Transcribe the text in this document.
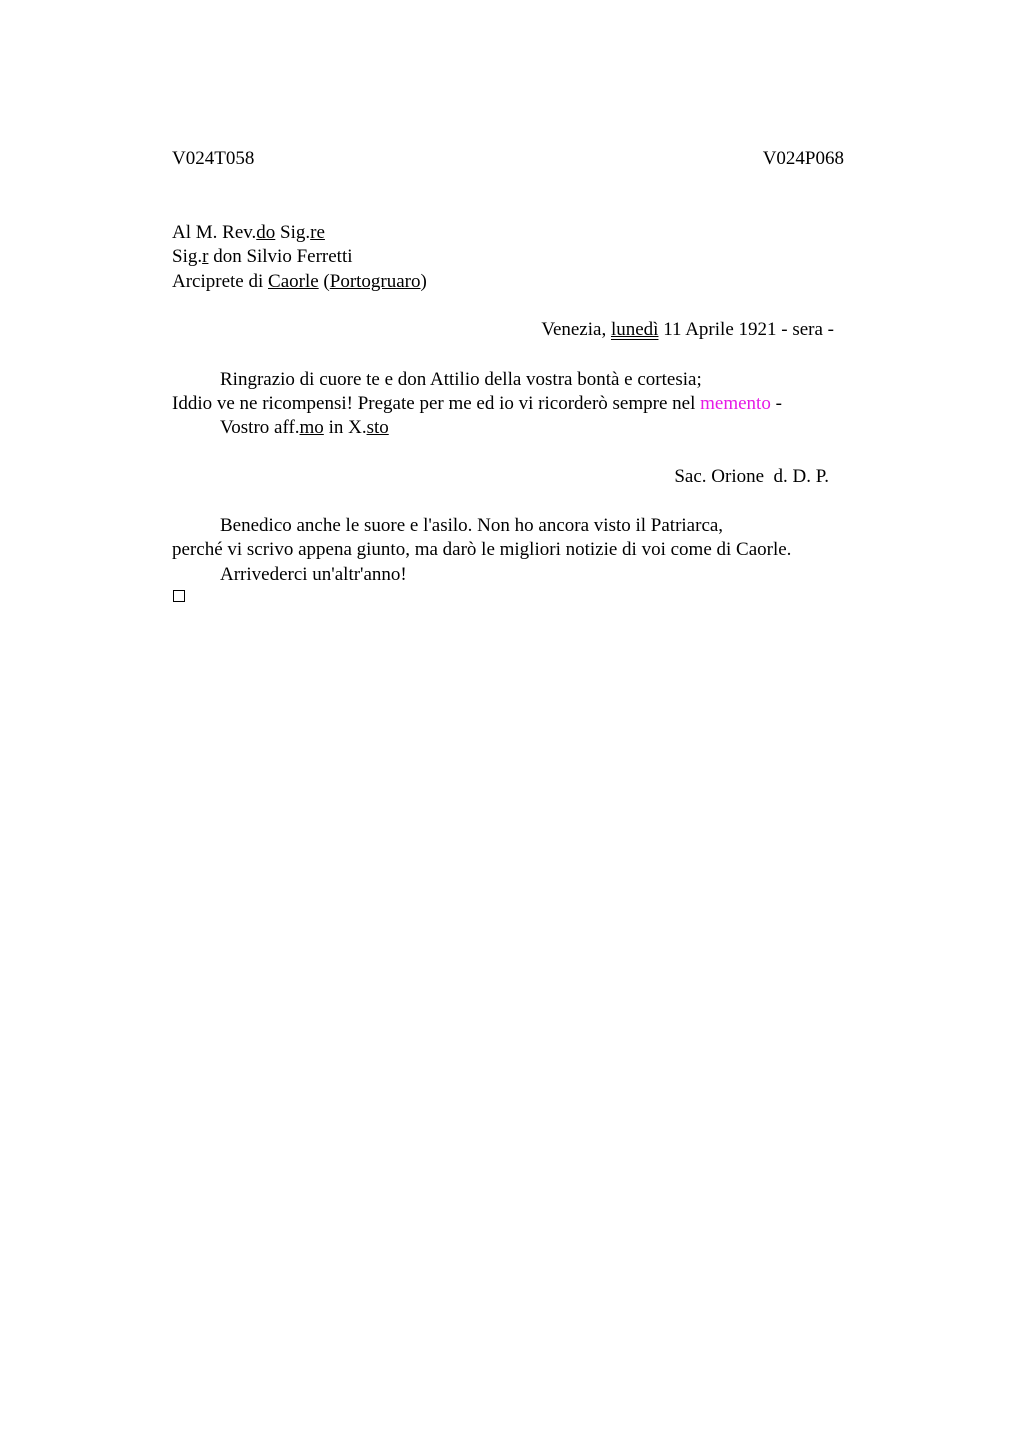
V024T058	V024P068
Al M. Rev.do Sig.re
Sig.r don Silvio Ferretti
Arciprete di Caorle (Portogruaro)
Venezia, lunedì 11 Aprile 1921 - sera -
Ringrazio di cuore te e don Attilio della vostra bontà e cortesia;
Iddio ve ne ricompensi! Pregate per me ed io vi ricorderò sempre nel memento -
Vostro aff.mo in X.sto
Sac. Orione  d. D. P.
Benedico anche le suore e l'asilo. Non ho ancora visto il Patriarca,
perché vi scrivo appena giunto, ma darò le migliori notizie di voi come di Caorle.
Arrivederci un'altr'anno!
